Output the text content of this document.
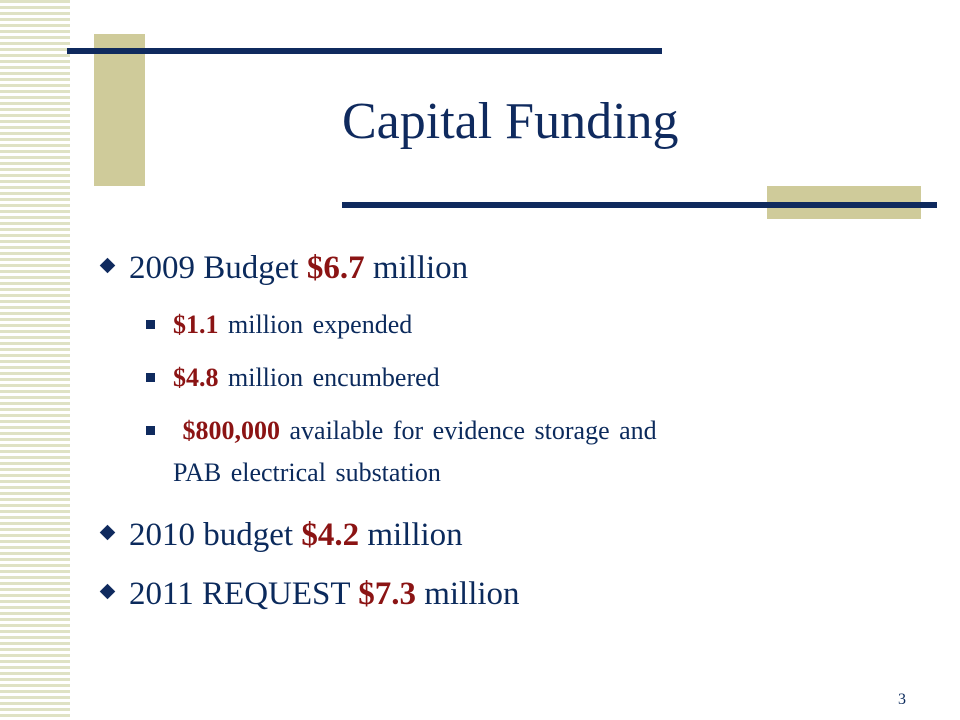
Capital Funding
2009 Budget $6.7 million
$1.1 million expended
$4.8 million encumbered
$800,000 available for evidence storage and
PAB electrical substation
2010 budget $4.2 million
2011 REQUEST $7.3 million
3
